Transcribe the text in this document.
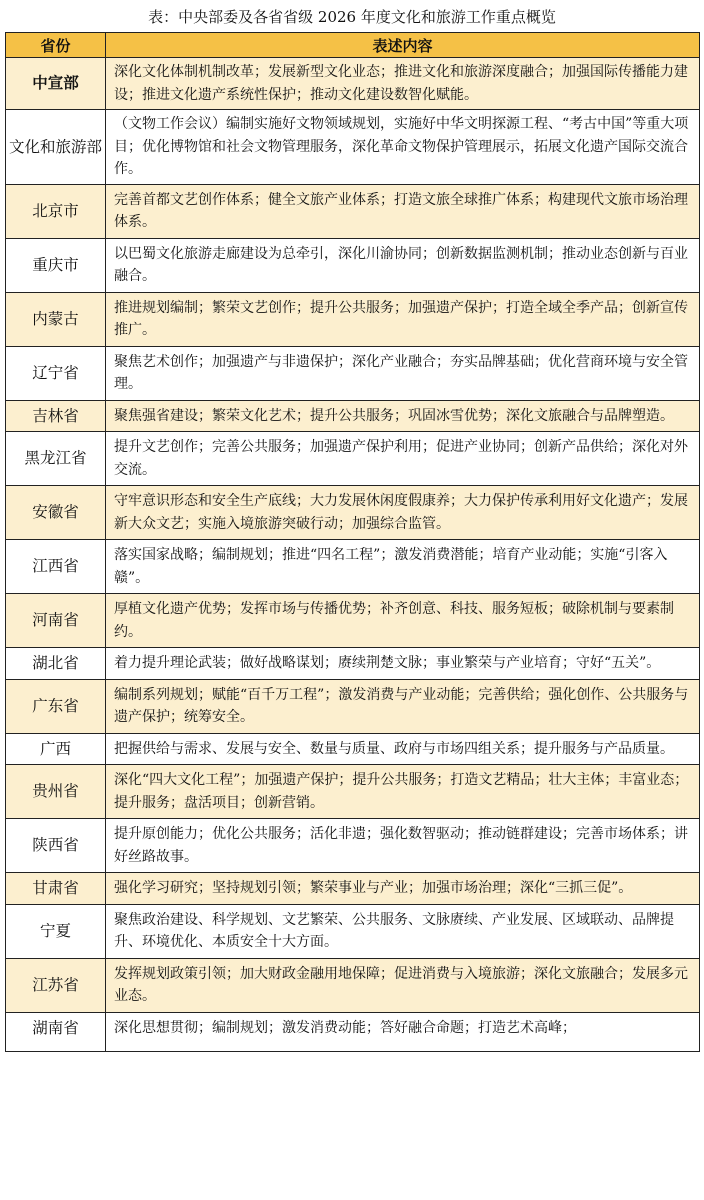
表：中央部委及各省省级 2026 年度文化和旅游工作重点概览
省份	表述内容
中宣部	深化文化体制机制改革；发展新型文化业态；推进文化和旅游深度融合；加强国际传播能力建设；推进文化遗产系统性保护；推动文化建设数智化赋能。
文化和旅游部	（文物工作会议）编制实施好文物领域规划，实施好中华文明探源工程、“考古中国”等重大项目；优化博物馆和社会文物管理服务，深化革命文物保护管理展示，拓展文化遗产国际交流合作。
北京市	完善首都文艺创作体系；健全文旅产业体系；打造文旅全球推广体系；构建现代文旅市场治理体系。
重庆市	以巴蜀文化旅游走廊建设为总牵引，深化川渝协同；创新数据监测机制；推动业态创新与百业融合。
内蒙古	推进规划编制；繁荣文艺创作；提升公共服务；加强遗产保护；打造全域全季产品；创新宣传推广。
辽宁省	聚焦艺术创作；加强遗产与非遗保护；深化产业融合；夯实品牌基础；优化营商环境与安全管理。
吉林省	聚焦强省建设；繁荣文化艺术；提升公共服务；巩固冰雪优势；深化文旅融合与品牌塑造。
黑龙江省	提升文艺创作；完善公共服务；加强遗产保护利用；促进产业协同；创新产品供给；深化对外交流。
安徽省	守牢意识形态和安全生产底线；大力发展休闲度假康养；大力保护传承利用好文化遗产；发展新大众文艺；实施入境旅游突破行动；加强综合监管。
江西省	落实国家战略；编制规划；推进“四名工程”；激发消费潜能；培育产业动能；实施“引客入赣”。
河南省	厚植文化遗产优势；发挥市场与传播优势；补齐创意、科技、服务短板；破除机制与要素制约。
湖北省	着力提升理论武装；做好战略谋划；赓续荆楚文脉；事业繁荣与产业培育；守好“五关”。
广东省	编制系列规划；赋能“百千万工程”；激发消费与产业动能；完善供给；强化创作、公共服务与遗产保护；统筹安全。
广西	把握供给与需求、发展与安全、数量与质量、政府与市场四组关系；提升服务与产品质量。
贵州省	深化“四大文化工程”；加强遗产保护；提升公共服务；打造文艺精品；壮大主体；丰富业态；提升服务；盘活项目；创新营销。
陕西省	提升原创能力；优化公共服务；活化非遗；强化数智驱动；推动链群建设；完善市场体系；讲好丝路故事。
甘肃省	强化学习研究；坚持规划引领；繁荣事业与产业；加强市场治理；深化“三抓三促”。
宁夏	聚焦政治建设、科学规划、文艺繁荣、公共服务、文脉赓续、产业发展、区域联动、品牌提升、环境优化、本质安全十大方面。
江苏省	发挥规划政策引领；加大财政金融用地保障；促进消费与入境旅游；深化文旅融合；发展多元业态。
湖南省	深化思想贯彻；编制规划；激发消费动能；答好融合命题；打造艺术高峰；
